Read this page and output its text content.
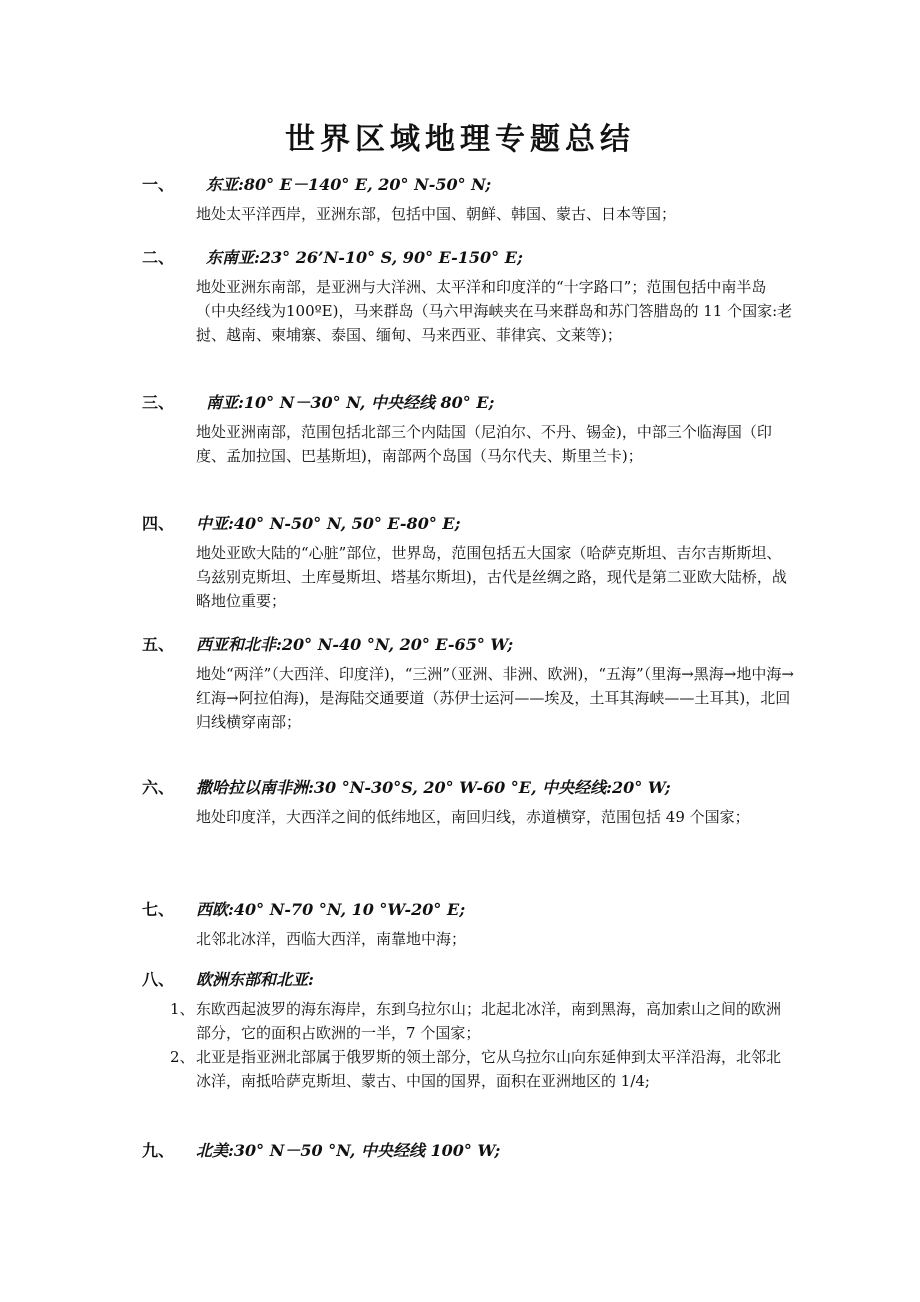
世界区域地理专题总结
一、 东亚:80° E－140° E, 20° N-50° N;
地处太平洋西岸，亚洲东部，包括中国、朝鲜、韩国、蒙古、日本等国；
二、 东南亚:23° 26’N-10° S, 90° E-150° E;
地处亚洲东南部，是亚洲与大洋洲、太平洋和印度洋的“十字路口”；范围包括中南半岛（中央经线为100ºE)，马来群岛（马六甲海峡夹在马来群岛和苏门答腊岛的 11 个国家:老挝、越南、柬埔寨、泰国、缅甸、马来西亚、菲律宾、文莱等)；
三、 南亚:10° N－30° N, 中央经线 80° E;
地处亚洲南部，范围包括北部三个内陆国（尼泊尔、不丹、锡金)，中部三个临海国（印度、孟加拉国、巴基斯坦)，南部两个岛国（马尔代夫、斯里兰卡)；
四、 中亚:40° N-50° N, 50° E-80° E;
地处亚欧大陆的“心脏”部位，世界岛，范围包括五大国家（哈萨克斯坦、吉尔吉斯斯坦、乌兹别克斯坦、土库曼斯坦、塔基尔斯坦)，古代是丝绸之路，现代是第二亚欧大陆桥，战略地位重要；
五、 西亚和北非:20° N-40 °N, 20° E-65° W;
地处“两洋”（大西洋、印度洋)，“三洲”（亚洲、非洲、欧洲)，“五海”（里海→黑海→地中海→红海→阿拉伯海)，是海陆交通要道（苏伊士运河——埃及，土耳其海峡——土耳其)，北回归线横穿南部；
六、 撒哈拉以南非洲:30 °N-30°S, 20° W-60 °E, 中央经线:20° W;
地处印度洋，大西洋之间的低纬地区，南回归线，赤道横穿，范围包括 49 个国家；
七、 西欧:40° N-70 °N, 10 °W-20° E;
北邻北冰洋，西临大西洋，南靠地中海；
八、 欧洲东部和北亚:
1、 东欧西起波罗的海东海岸，东到乌拉尔山；北起北冰洋，南到黑海，高加索山之间的欧洲部分，它的面积占欧洲的一半，7 个国家；
2、 北亚是指亚洲北部属于俄罗斯的领土部分，它从乌拉尔山向东延伸到太平洋沿海，北邻北冰洋，南抵哈萨克斯坦、蒙古、中国的国界，面积在亚洲地区的 1/4;
九、 北美:30° N－50 °N, 中央经线 100° W;
